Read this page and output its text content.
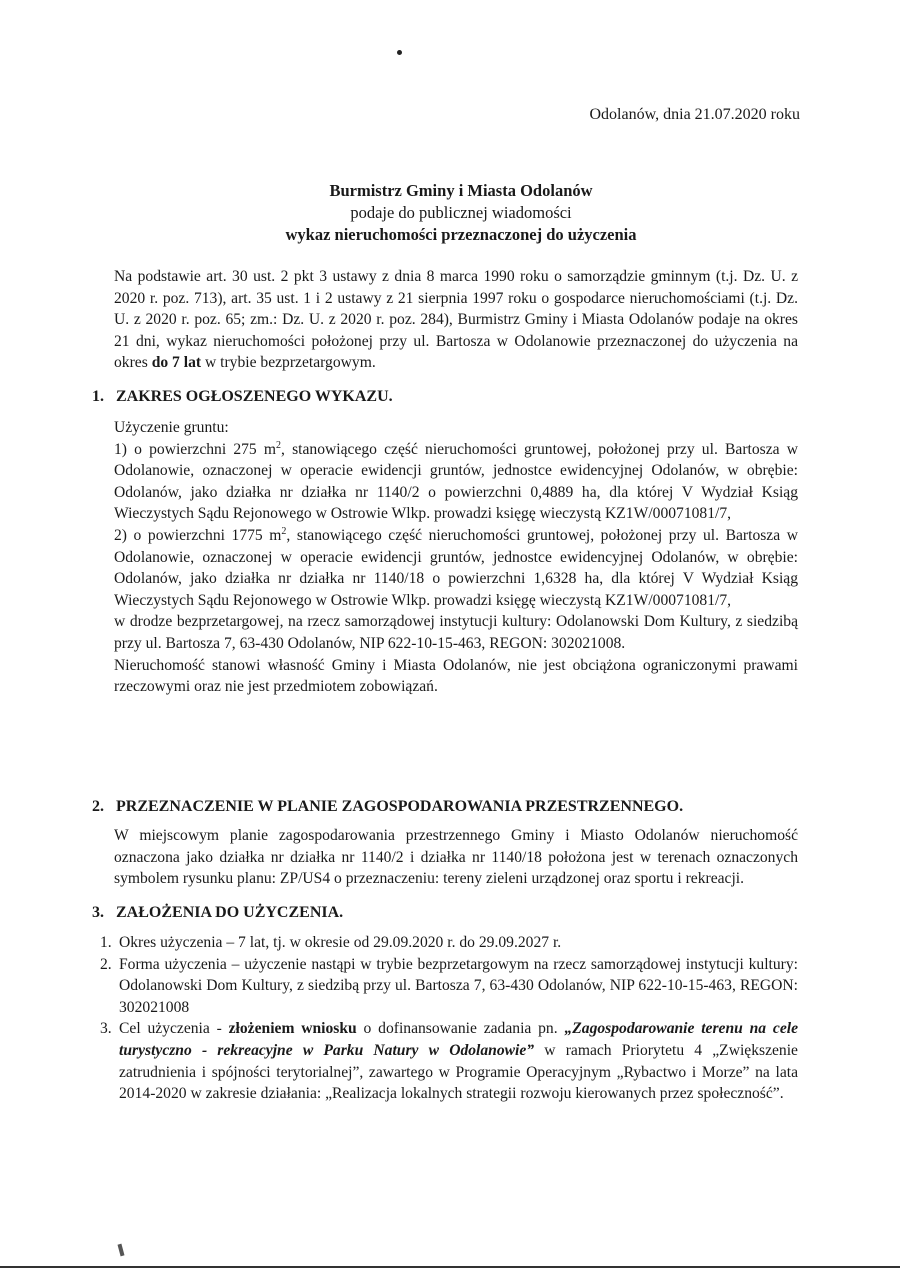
Odolanów, dnia 21.07.2020 roku
Burmistrz Gminy i Miasta Odolanów
podaje do publicznej wiadomości
wykaz nieruchomości przeznaczonej do użyczenia
Na podstawie art. 30 ust. 2 pkt 3 ustawy z dnia 8 marca 1990 roku o samorządzie gminnym (t.j. Dz. U. z 2020 r. poz. 713), art. 35 ust. 1 i 2 ustawy z 21 sierpnia 1997 roku o gospodarce nieruchomościami (t.j. Dz. U. z 2020 r. poz. 65; zm.: Dz. U. z 2020 r. poz. 284), Burmistrz Gminy i Miasta Odolanów podaje na okres 21 dni, wykaz nieruchomości położonej przy ul. Bartosza w Odolanowie przeznaczonej do użyczenia na okres do 7 lat w trybie bezprzetargowym.
1. ZAKRES OGŁOSZENEGO WYKAZU.

Użyczenie gruntu:

1) o powierzchni 275 $m^2$, stanowiącego część nieruchomości gruntowej, położonej przy ul. Bartosza w Odolanowie, oznaczonej w operacie ewidencji gruntów, jednostce ewidencyjnej Odolanów, w obrębie: Odolanów, jako działka nr działka nr 1140/2 o powierzchni 0,4889 ha, dla której V Wydział Ksiąg Wieczystych Sądu Rejonowego w Ostrowie Wlkp. prowadzi księgę wieczystą KZ1W/00071081/7,

2) o powierzchni 1775 $m^2$, stanowiącego część nieruchomości gruntowej, położonej przy ul. Bartosza w Odolanowie, oznaczonej w operacie ewidencji gruntów, jednostce ewidencyjnej Odolanów, w obrębie: Odolanów, jako działka nr działka nr 1140/18 o powierzchni 1,6328 ha, dla której V Wydział Ksiąg Wieczystych Sądu Rejonowego w Ostrowie Wlkp. prowadzi księgę wieczystą KZ1W/00071081/7,

w drodze bezprzetargowej, na rzecz samorządowej instytucji kultury: Odolanowski Dom Kultury, z siedzibą przy ul. Bartosza 7, 63-430 Odolanów, NIP 622-10-15-463, REGON: 302021008.

Nieruchomość stanowi własność Gminy i Miasta Odolanów, nie jest obciążona ograniczonymi prawami rzeczowymi oraz nie jest przedmiotem zobowiązań.

2. PRZEZNACZENIE W PLANIE ZAGOSPODAROWANIA PRZESTRZENNEGO.

W miejscowym planie zagospodarowania przestrzennego Gminy i Miasto Odolanów nieruchomość oznaczona jako działka nr działka nr 1140/2 i działka nr 1140/18 położona jest w terenach oznaczonych symbolem rysunku planu: ZP/US4 o przeznaczeniu: tereny zieleni urządzonej oraz sportu i rekreacji.

3. ZAŁOŻENIA DO UŻYCZENIA.
1. Okres użyczenia – 7 lat, tj. w okresie od 29.09.2020 r. do 29.09.2027 r.
2. Forma użyczenia – użyczenie nastąpi w trybie bezprzetargowym na rzecz samorządowej instytucji kultury: Odolanowski Dom Kultury, z siedzibą przy ul. Bartosza 7, 63-430 Odolanów, NIP 622-10-15-463, REGON: 302021008
3. Cel użyczenia - złożeniem wniosku o dofinansowanie zadania pn. „Zagospodarowanie terenu na cele turystyczno - rekreacyjne w Parku Natury w Odolanowie” w ramach Priorytetu 4 „Zwiększenie zatrudnienia i spójności terytorialnej”, zawartego w Programie Operacyjnym „Rybactwo i Morze” na lata 2014-2020 w zakresie działania: „Realizacja lokalnych strategii rozwoju kierowanych przez społeczność”.
